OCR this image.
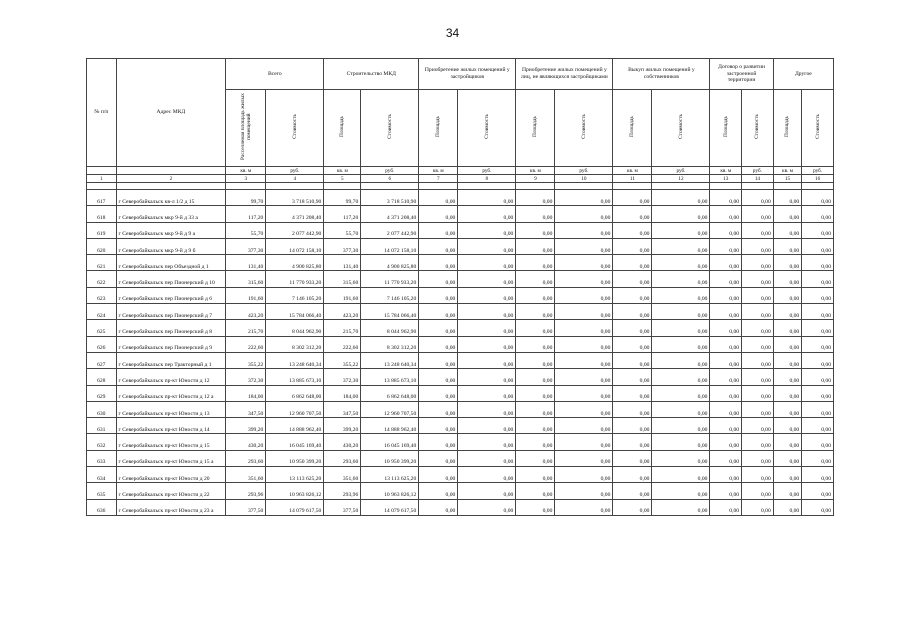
34
№ п/п	Адрес МКД	Всего		Строительство МКД		Приобретение жилых помещений у застройщиков		Приобретение жилых помещений у лиц, не являющихся застройщиками		Выкуп жилых помещений у собственников		Договор о развитии застроенной территории		Другое	
		Расселяемая площадь жилых помещений	Стоимость	Площадь	Стоимость	Площадь	Стоимость	Площадь	Стоимость	Площадь	Стоимость	Площадь	Стоимость	Площадь	Стоимость
		кв. м	руб.	кв. м	руб.	кв. м	руб.	кв. м	руб.	кв. м	руб.	кв. м	руб.	кв. м	руб.
1	2	3	4	5	6	7	8	9	10	11	12	13	14	15	16

617	г Северобайкальск кв-л 1/2 д 15	99,70	3 718 510,90	99,70	3 718 510,90	0,00	0,00	0,00	0,00	0,00	0,00	0,00	0,00	0,00	0,00
618	г Северобайкальск мкр 9-й д 33 а	117,20	4 371 208,40	117,20	4 371 208,40	0,00	0,00	0,00	0,00	0,00	0,00	0,00	0,00	0,00	0,00
619	г Северобайкальск мкр 9-й д 9 а	55,70	2 077 442,90	55,70	2 077 442,90	0,00	0,00	0,00	0,00	0,00	0,00	0,00	0,00	0,00	0,00
620	г Северобайкальск мкр 9-й д 9 б	377,30	14 072 158,10	377,30	14 072 158,10	0,00	0,00	0,00	0,00	0,00	0,00	0,00	0,00	0,00	0,00
621	г Северобайкальск пер Объездной д 1	131,40	4 900 825,80	131,40	4 900 825,80	0,00	0,00	0,00	0,00	0,00	0,00	0,00	0,00	0,00	0,00
622	г Северобайкальск пер Пионерский д 10	315,60	11 770 933,20	315,60	11 770 933,20	0,00	0,00	0,00	0,00	0,00	0,00	0,00	0,00	0,00	0,00
623	г Северобайкальск пер Пионерский д 6	191,60	7 146 105,20	191,60	7 146 105,20	0,00	0,00	0,00	0,00	0,00	0,00	0,00	0,00	0,00	0,00
624	г Северобайкальск пер Пионерский д 7	423,20	15 784 066,40	423,20	15 784 066,40	0,00	0,00	0,00	0,00	0,00	0,00	0,00	0,00	0,00	0,00
625	г Северобайкальск пер Пионерский д 8	215,70	8 044 962,90	215,70	8 044 962,90	0,00	0,00	0,00	0,00	0,00	0,00	0,00	0,00	0,00	0,00
626	г Северобайкальск пер Пионерский д 9	222,60	8 302 312,20	222,60	8 302 312,20	0,00	0,00	0,00	0,00	0,00	0,00	0,00	0,00	0,00	0,00
627	г Северобайкальск пер Тракторный д 1	355,22	13 248 640,34	355,22	13 248 640,34	0,00	0,00	0,00	0,00	0,00	0,00	0,00	0,00	0,00	0,00
628	г Северобайкальск пр-кт Юности д 12	372,30	13 885 673,10	372,30	13 885 673,10	0,00	0,00	0,00	0,00	0,00	0,00	0,00	0,00	0,00	0,00
629	г Северобайкальск пр-кт Юности д 12 а	184,00	6 862 648,00	184,00	6 862 648,00	0,00	0,00	0,00	0,00	0,00	0,00	0,00	0,00	0,00	0,00
630	г Северобайкальск пр-кт Юности д 13	347,50	12 960 707,50	347,50	12 960 707,50	0,00	0,00	0,00	0,00	0,00	0,00	0,00	0,00	0,00	0,00
631	г Северобайкальск пр-кт Юности д 14	399,20	14 888 962,40	399,20	14 888 962,40	0,00	0,00	0,00	0,00	0,00	0,00	0,00	0,00	0,00	0,00
632	г Северобайкальск пр-кт Юности д 15	430,20	16 045 169,40	430,20	16 045 169,40	0,00	0,00	0,00	0,00	0,00	0,00	0,00	0,00	0,00	0,00
633	г Северобайкальск пр-кт Юности д 15 а	293,60	10 950 399,20	293,60	10 950 399,20	0,00	0,00	0,00	0,00	0,00	0,00	0,00	0,00	0,00	0,00
634	г Северобайкальск пр-кт Юности д 20	351,60	13 113 625,20	351,60	13 113 625,20	0,00	0,00	0,00	0,00	0,00	0,00	0,00	0,00	0,00	0,00
635	г Северобайкальск пр-кт Юности д 22	293,96	10 963 826,12	293,96	10 963 826,12	0,00	0,00	0,00	0,00	0,00	0,00	0,00	0,00	0,00	0,00
636	г Северобайкальск пр-кт Юности д 23 а	377,50	14 079 617,50	377,50	14 079 617,50	0,00	0,00	0,00	0,00	0,00	0,00	0,00	0,00	0,00	0,00
